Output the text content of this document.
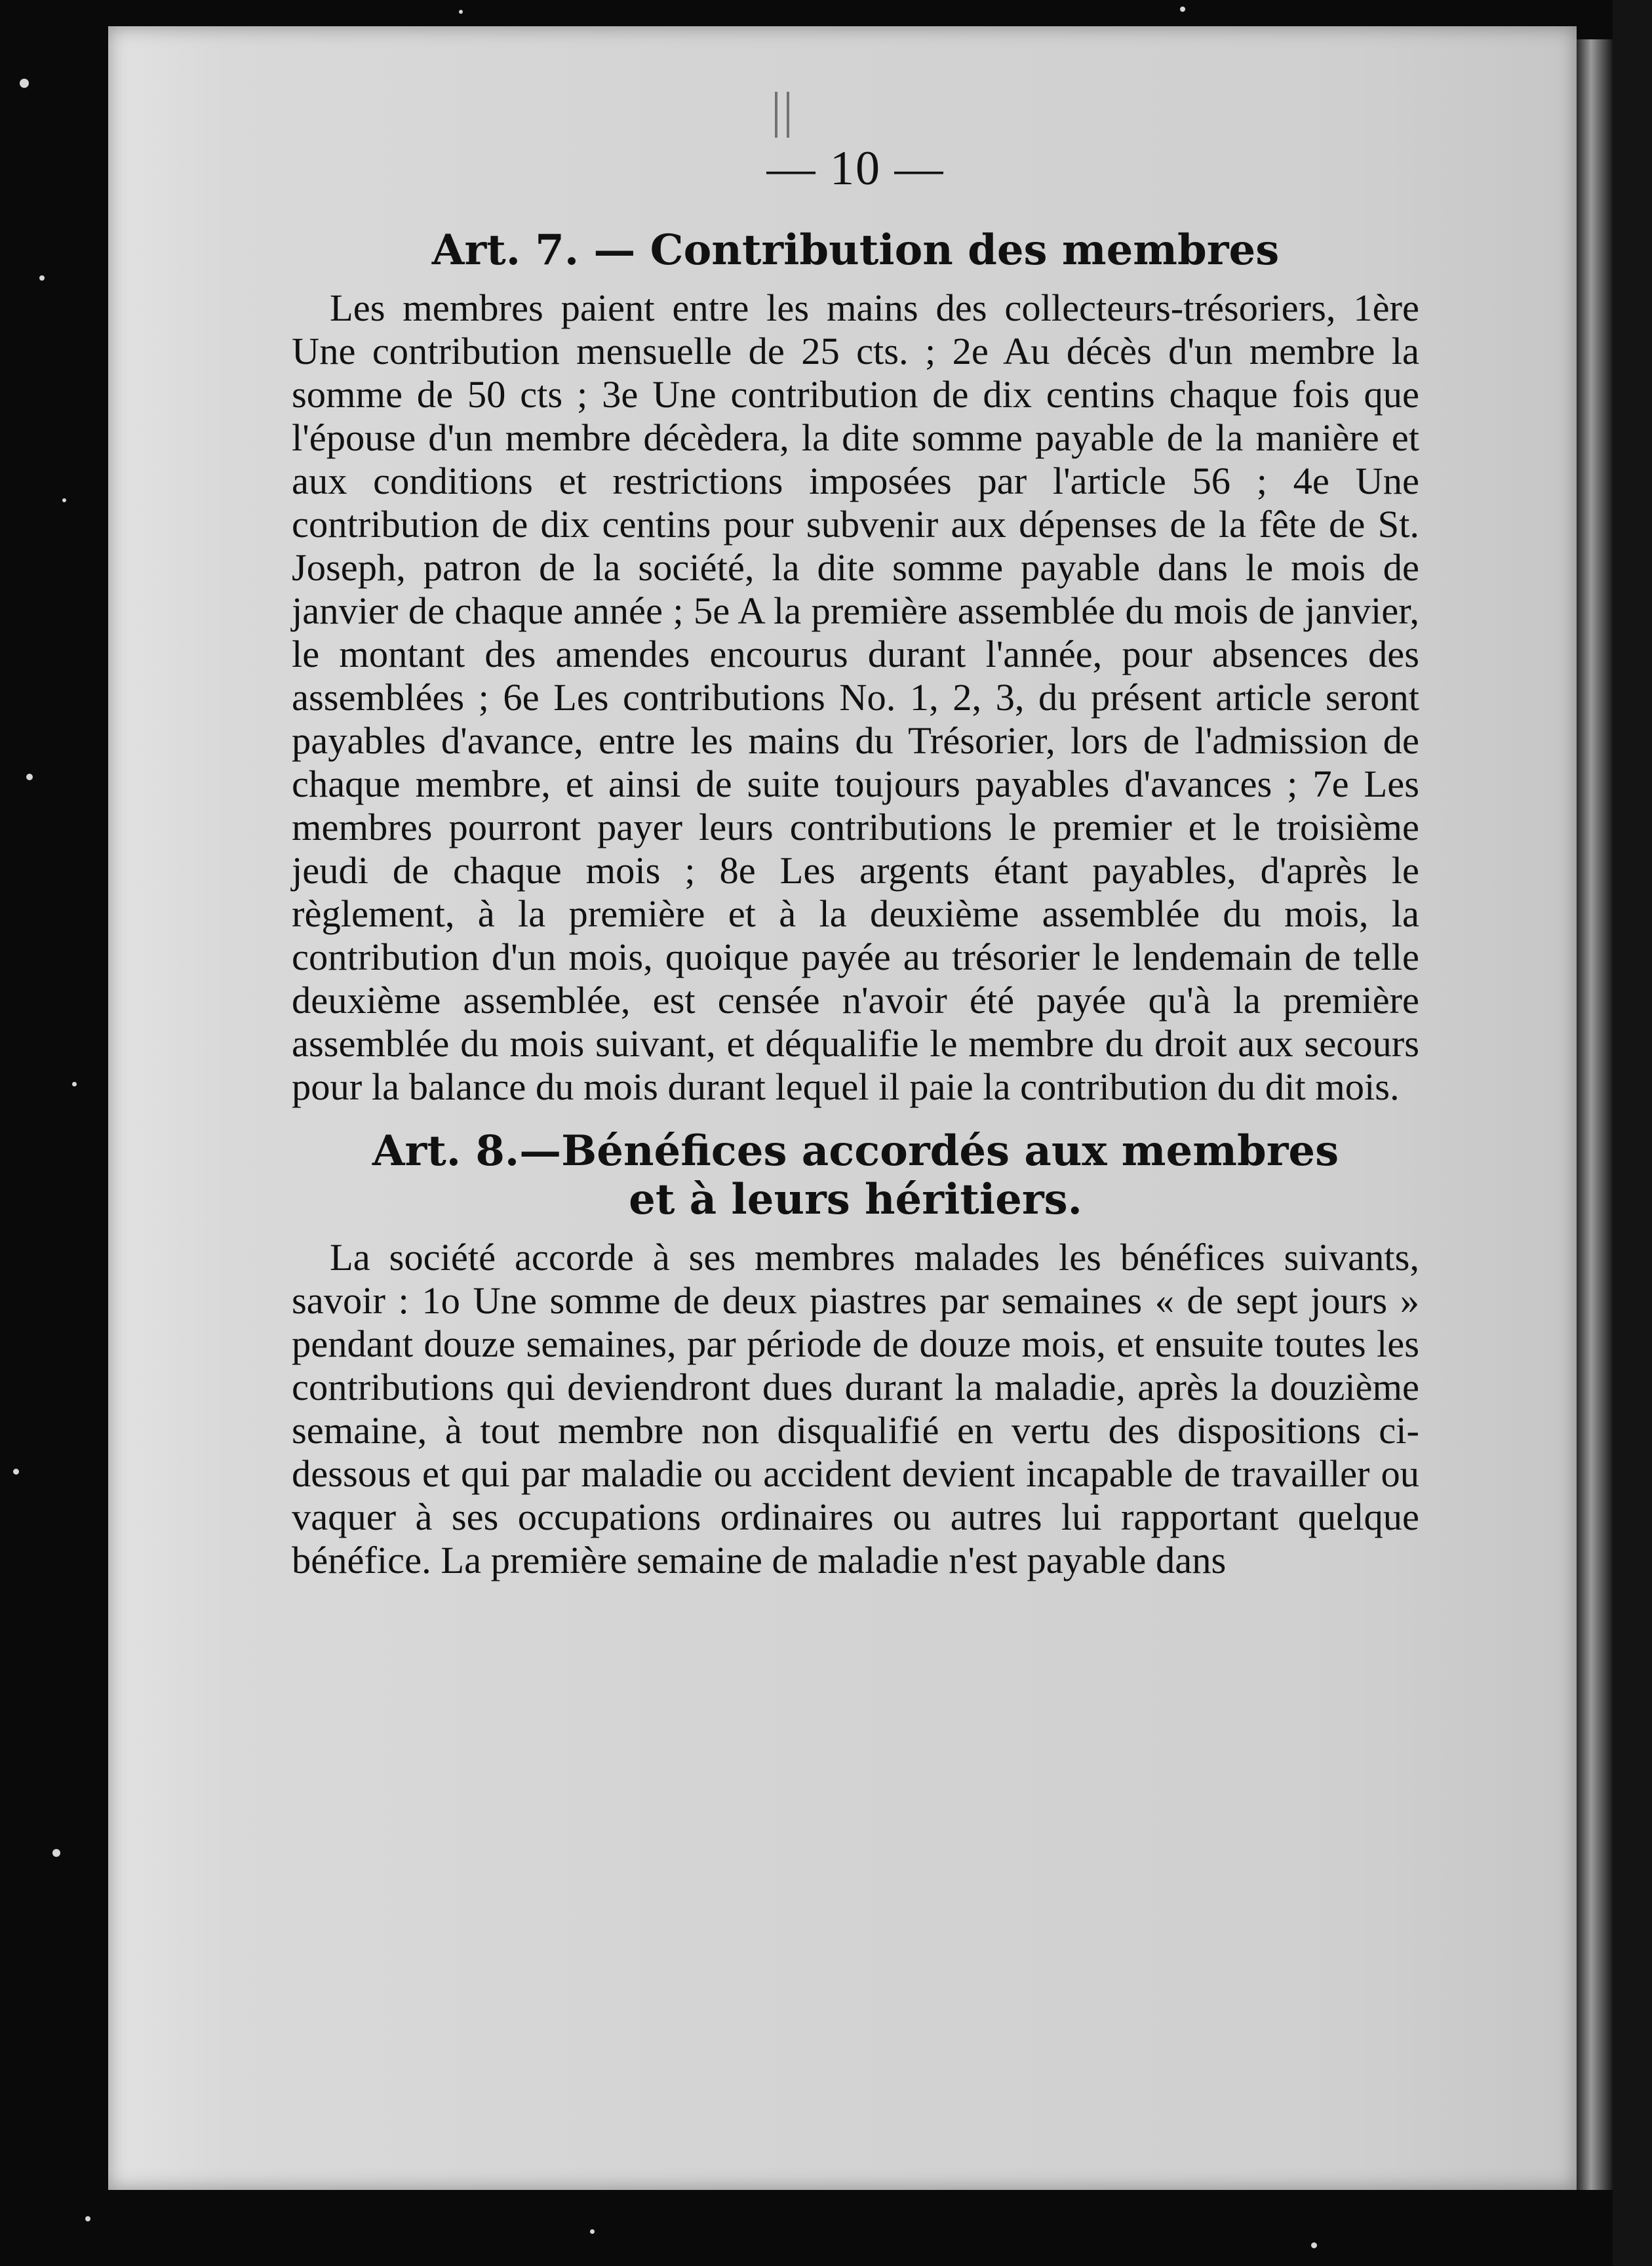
— 10 —
Art. 7. — Contribution des membres

Les membres paient entre les mains des collecteurs-trésoriers, 1ère Une contribution mensuelle de 25 cts. ; 2e Au décès d'un membre la somme de 50 cts ; 3e Une contribution de dix centins chaque fois que l'épouse d'un membre décèdera, la dite somme payable de la manière et aux conditions et restrictions imposées par l'article 56 ; 4e Une contribution de dix centins pour subvenir aux dépenses de la fête de St. Joseph, patron de la société, la dite somme payable dans le mois de janvier de chaque année ; 5e A la première assemblée du mois de janvier, le montant des amendes encourus durant l'année, pour absences des assemblées ; 6e Les contributions No. 1, 2, 3, du présent article seront payables d'avance, entre les mains du Trésorier, lors de l'admission de chaque membre, et ainsi de suite toujours payables d'avances ; 7e Les membres pourront payer leurs contributions le premier et le troisième jeudi de chaque mois ; 8e Les argents étant payables, d'après le règlement, à la première et à la deuxième assemblée du mois, la contribution d'un mois, quoique payée au trésorier le lendemain de telle deuxième assemblée, est censée n'avoir été payée qu'à la première assemblée du mois suivant, et déqualifie le membre du droit aux secours pour la balance du mois durant lequel il paie la contribution du dit mois.

Art. 8.—Bénéfices accordés aux membres
et à leurs héritiers.

La société accorde à ses membres malades les bénéfices suivants, savoir : 1o Une somme de deux piastres par semaines « de sept jours » pendant douze semaines, par période de douze mois, et ensuite toutes les contributions qui deviendront dues durant la maladie, après la douzième semaine, à tout membre non disqualifié en vertu des dispositions ci-dessous et qui par maladie ou accident devient incapable de travailler ou vaquer à ses occupations ordinaires ou autres lui rapportant quelque bénéfice. La première semaine de maladie n'est payable dans
